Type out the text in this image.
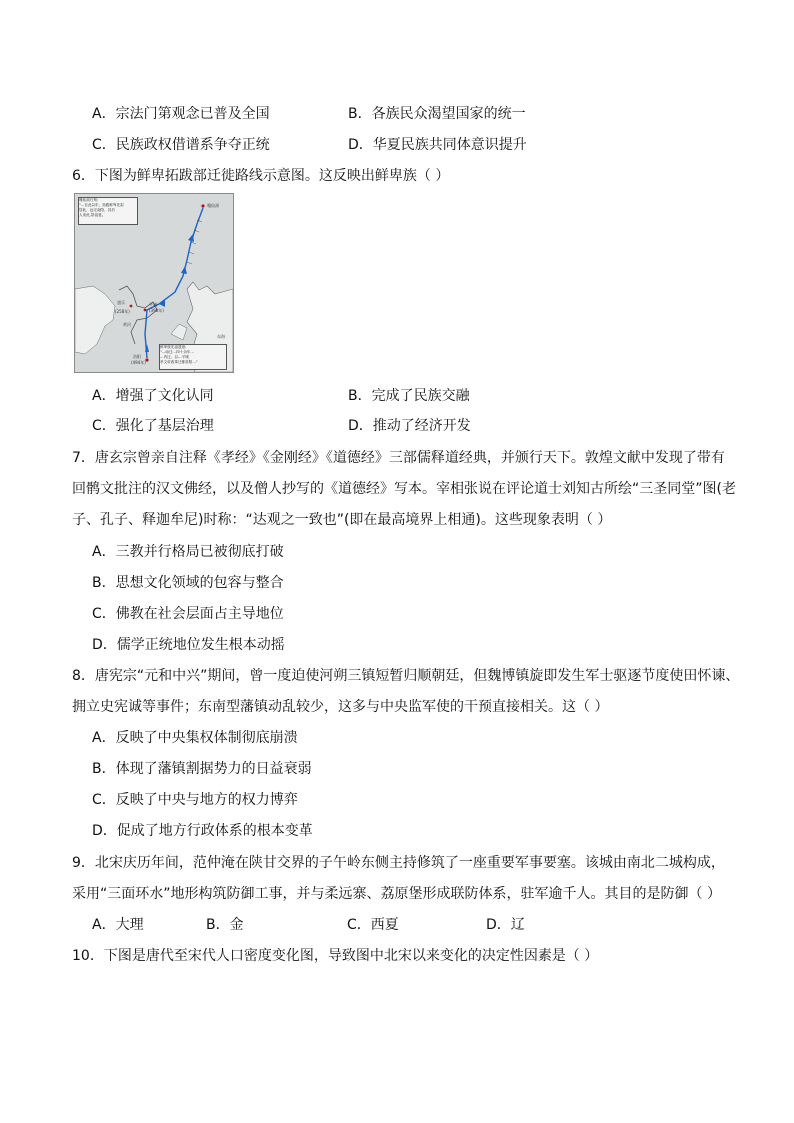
A．宗法门第观念已普及全国	B．各族民众渴望国家的统一
C．民族政权借谱系争夺正统	D．华夏民族共同体意识提升
6．下图为鲜卑拓跋部迁徙路线示意图。这反映出鲜卑族（ ）
嘎仙洞石刻:
"…自此以东，拓跋鲜卑先祖
居此，远迁南阳，其后
人来此,祭祖意。
鲜卑族先祖遗迹:
"…南迁…四十余年…
…内迁，以…平城
孝文帝改革迁都洛阳…"
嘎仙洞
平城
(398年)
盛乐
(258年)
洛阳
(494年)
东海
黄河
A．增强了文化认同	B．完成了民族交融
C．强化了基层治理	D．推动了经济开发
7．唐玄宗曾亲自注释《孝经》《金刚经》《道德经》三部儒释道经典，并颁行天下。敦煌文献中发现了带有
回鹘文批注的汉文佛经，以及僧人抄写的《道德经》写本。宰相张说在评论道士刘知古所绘“三圣同堂”图(老
子、孔子、释迦牟尼)时称：“达观之一致也”(即在最高境界上相通)。这些现象表明（ ）
A．三教并行格局已被彻底打破
B．思想文化领域的包容与整合
C．佛教在社会层面占主导地位
D．儒学正统地位发生根本动摇
8．唐宪宗“元和中兴”期间，曾一度迫使河朔三镇短暂归顺朝廷，但魏博镇旋即发生军士驱逐节度使田怀谏、
拥立史宪诚等事件；东南型藩镇动乱较少，这多与中央监军使的干预直接相关。这（ ）
A．反映了中央集权体制彻底崩溃
B．体现了藩镇割据势力的日益衰弱
C．反映了中央与地方的权力博弈
D．促成了地方行政体系的根本变革
9．北宋庆历年间，范仲淹在陕甘交界的子午岭东侧主持修筑了一座重要军事要塞。该城由南北二城构成，
采用“三面环水”地形构筑防御工事，并与柔远寨、荔原堡形成联防体系，驻军逾千人。其目的是防御（ ）
A．大理	B．金	C．西夏	D．辽
10．下图是唐代至宋代人口密度变化图，导致图中北宋以来变化的决定性因素是（ ）
